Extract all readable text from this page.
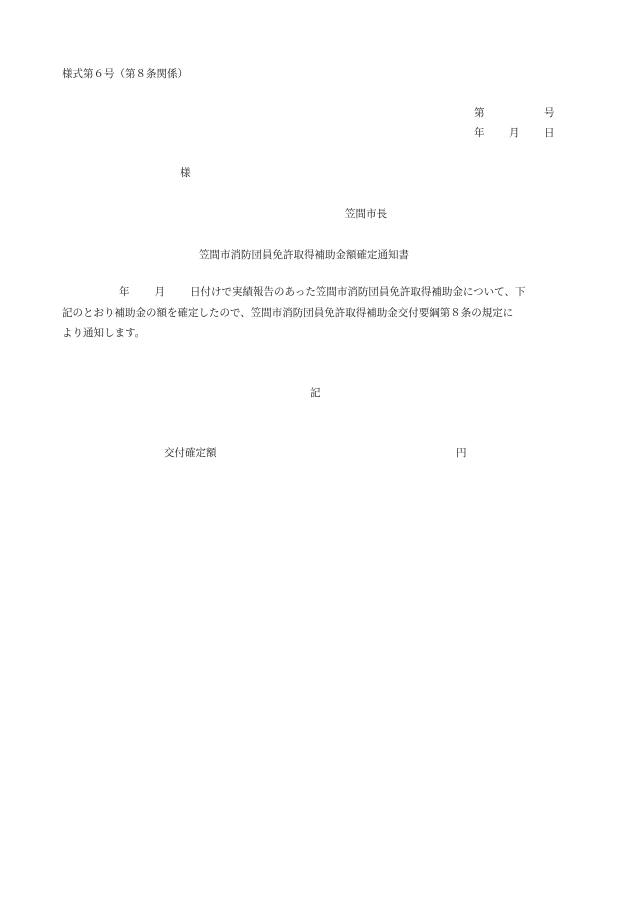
様式第６号（第８条関係）
第	号
年 月 日
様
笠間市長
笠間市消防団員免許取得補助金額確定通知書
年 月 日付けで実績報告のあった笠間市消防団員免許取得補助金について、下
記のとおり補助金の額を確定したので、笠間市消防団員免許取得補助金交付要綱第８条の規定に
より通知します。
記
交付確定額	円
